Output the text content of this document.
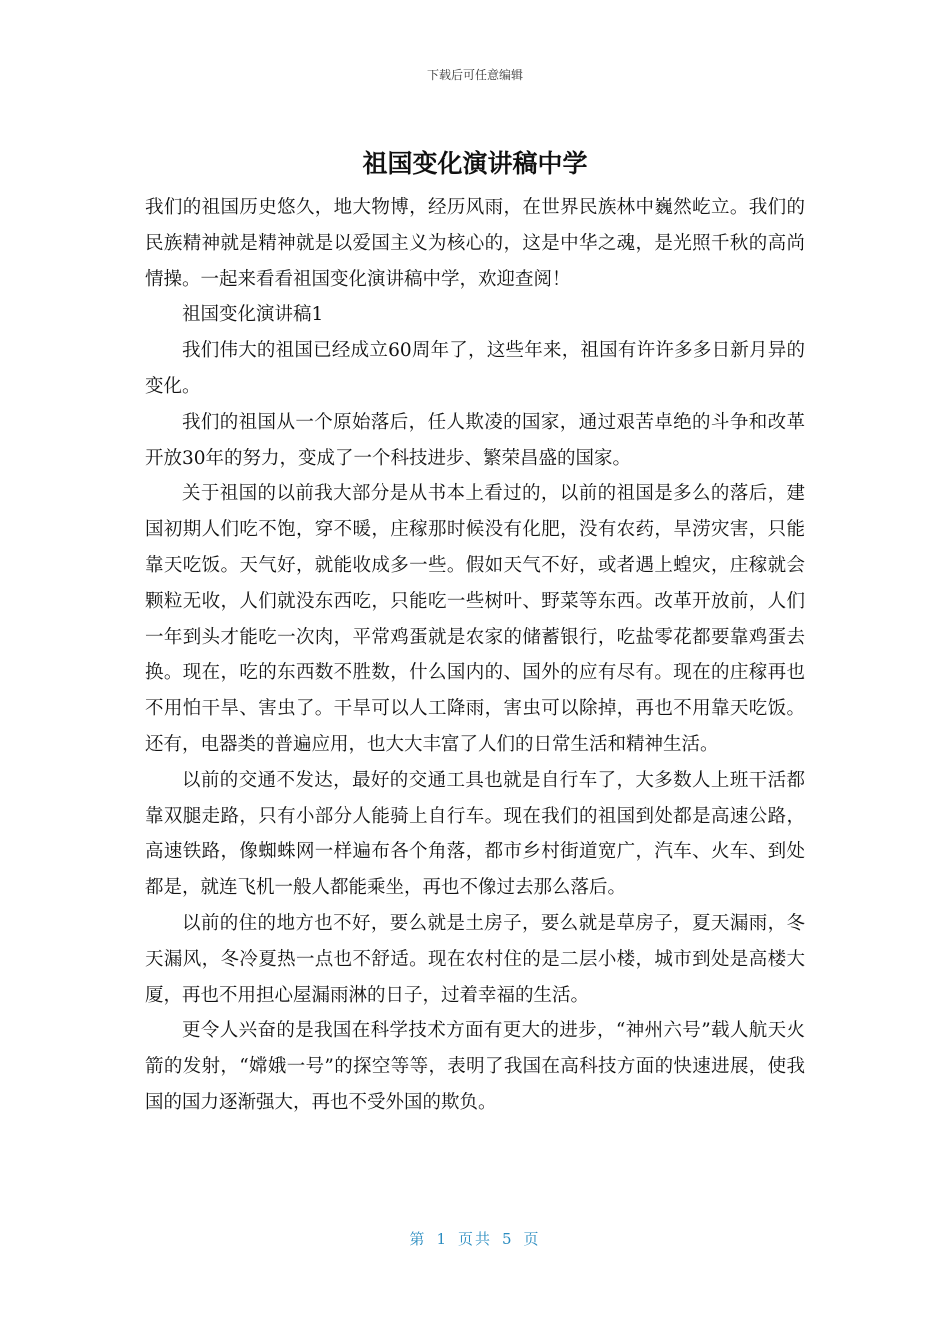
下载后可任意编辑
祖国变化演讲稿中学

我们的祖国历史悠久，地大物博，经历风雨，在世界民族林中巍然屹立。我们的民族精神就是精神就是以爱国主义为核心的，这是中华之魂，是光照千秋的高尚情操。一起来看看祖国变化演讲稿中学，欢迎查阅！

祖国变化演讲稿1

我们伟大的祖国已经成立60周年了，这些年来，祖国有许许多多日新月异的变化。

我们的祖国从一个原始落后，任人欺凌的国家，通过艰苦卓绝的斗争和改革开放30年的努力，变成了一个科技进步、繁荣昌盛的国家。

关于祖国的以前我大部分是从书本上看过的，以前的祖国是多么的落后，建国初期人们吃不饱，穿不暖，庄稼那时候没有化肥，没有农药，旱涝灾害，只能靠天吃饭。天气好，就能收成多一些。假如天气不好，或者遇上蝗灾，庄稼就会颗粒无收，人们就没东西吃，只能吃一些树叶、野菜等东西。改革开放前，人们一年到头才能吃一次肉，平常鸡蛋就是农家的储蓄银行，吃盐零花都要靠鸡蛋去换。现在，吃的东西数不胜数，什么国内的、国外的应有尽有。现在的庄稼再也不用怕干旱、害虫了。干旱可以人工降雨，害虫可以除掉，再也不用靠天吃饭。还有，电器类的普遍应用，也大大丰富了人们的日常生活和精神生活。

以前的交通不发达，最好的交通工具也就是自行车了，大多数人上班干活都靠双腿走路，只有小部分人能骑上自行车。现在我们的祖国到处都是高速公路，高速铁路，像蜘蛛网一样遍布各个角落，都市乡村街道宽广，汽车、火车、到处都是，就连飞机一般人都能乘坐，再也不像过去那么落后。

以前的住的地方也不好，要么就是土房子，要么就是草房子，夏天漏雨，冬天漏风，冬冷夏热一点也不舒适。现在农村住的是二层小楼，城市到处是高楼大厦，再也不用担心屋漏雨淋的日子，过着幸福的生活。

更令人兴奋的是我国在科学技术方面有更大的进步，“神州六号”载人航天火箭的发射，“嫦娥一号”的探空等等，表明了我国在高科技方面的快速进展，使我国的国力逐渐强大，再也不受外国的欺负。

第 1 页共 5 页
